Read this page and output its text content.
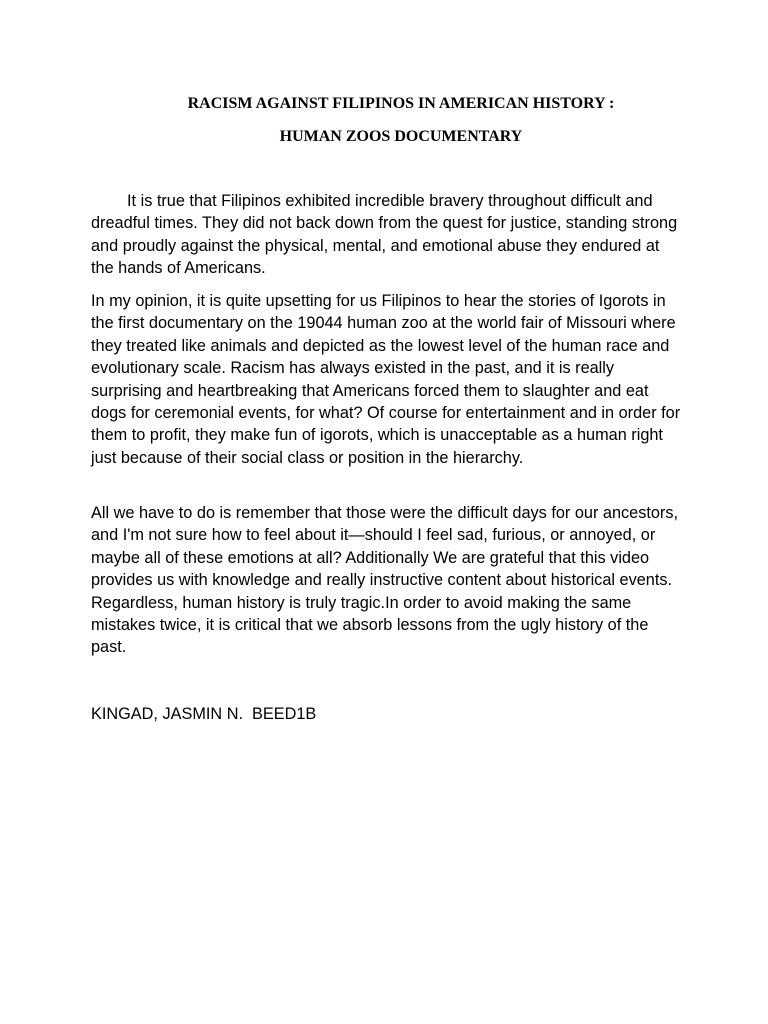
RACISM AGAINST FILIPINOS IN AMERICAN HISTORY :

HUMAN ZOOS DOCUMENTARY

It is true that Filipinos exhibited incredible bravery throughout difficult and dreadful times. They did not back down from the quest for justice, standing strong and proudly against the physical, mental, and emotional abuse they endured at the hands of Americans.

In my opinion, it is quite upsetting for us Filipinos to hear the stories of Igorots in the first documentary on the 19044 human zoo at the world fair of Missouri where they treated like animals and depicted as the lowest level of the human race and evolutionary scale. Racism has always existed in the past, and it is really surprising and heartbreaking that Americans forced them to slaughter and eat dogs for ceremonial events, for what? Of course for entertainment and in order for them to profit, they make fun of igorots, which is unacceptable as a human right just because of their social class or position in the hierarchy.

All we have to do is remember that those were the difficult days for our ancestors, and I'm not sure how to feel about it—should I feel sad, furious, or annoyed, or maybe all of these emotions at all? Additionally We are grateful that this video provides us with knowledge and really instructive content about historical events. Regardless, human history is truly tragic.In order to avoid making the same mistakes twice, it is critical that we absorb lessons from the ugly history of the past.

KINGAD, JASMIN N.  BEED1B
